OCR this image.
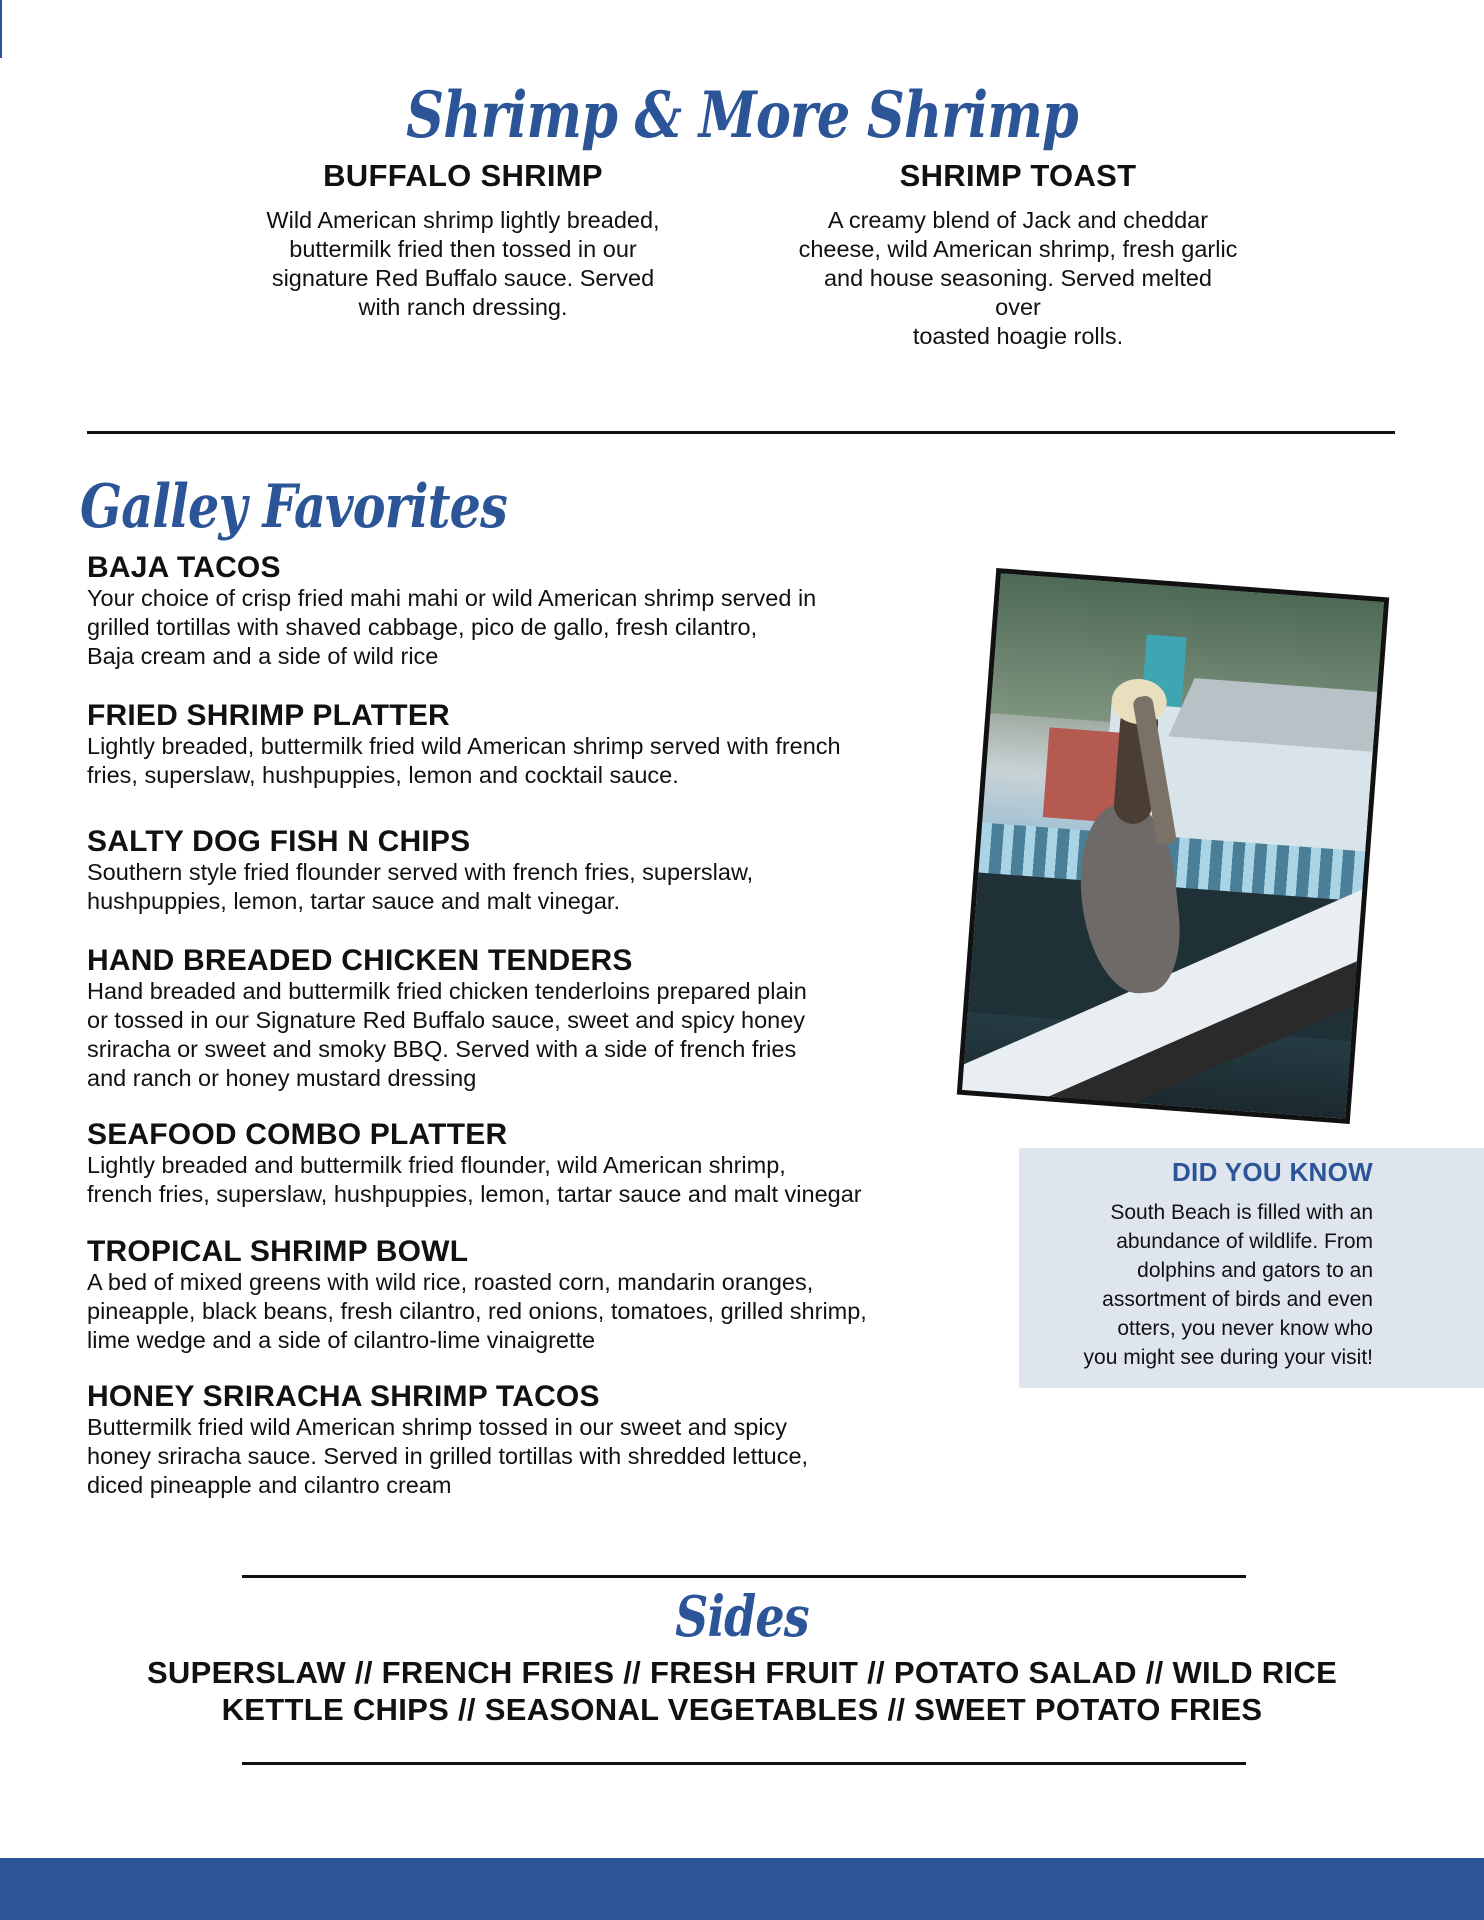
Shrimp & More Shrimp
BUFFALO SHRIMP

Wild American shrimp lightly breaded,
buttermilk fried then tossed in our
signature Red Buffalo sauce. Served
with ranch dressing.

SHRIMP TOAST

A creamy blend of Jack and cheddar
cheese, wild American shrimp, fresh garlic
and house seasoning. Served melted over
toasted hoagie rolls.

Galley Favorites
BAJA TACOS

Your choice of crisp fried mahi mahi or wild American shrimp served in
grilled tortillas with shaved cabbage, pico de gallo, fresh cilantro,
Baja cream and a side of wild rice

FRIED SHRIMP PLATTER

Lightly breaded, buttermilk fried wild American shrimp served with french
fries, superslaw, hushpuppies, lemon and cocktail sauce.

SALTY DOG FISH N CHIPS

Southern style fried flounder served with french fries, superslaw,
hushpuppies, lemon, tartar sauce and malt vinegar.

HAND BREADED CHICKEN TENDERS

Hand breaded and buttermilk fried chicken tenderloins prepared plain
or tossed in our Signature Red Buffalo sauce, sweet and spicy honey
sriracha or sweet and smoky BBQ. Served with a side of french fries
and ranch or honey mustard dressing

SEAFOOD COMBO PLATTER

Lightly breaded and buttermilk fried flounder, wild American shrimp,
french fries, superslaw, hushpuppies, lemon, tartar sauce and malt vinegar

TROPICAL SHRIMP BOWL

A bed of mixed greens with wild rice, roasted corn, mandarin oranges,
pineapple, black beans, fresh cilantro, red onions, tomatoes, grilled shrimp,
lime wedge and a side of cilantro-lime vinaigrette

HONEY SRIRACHA SHRIMP TACOS

Buttermilk fried wild American shrimp tossed in our sweet and spicy
honey sriracha sauce. Served in grilled tortillas with shredded lettuce,
diced pineapple and cilantro cream

DID YOU KNOW

South Beach is filled with an
abundance of wildlife. From
dolphins and gators to an
assortment of birds and even
otters, you never know who
you might see during your visit!

Sides
SUPERSLAW // FRENCH FRIES // FRESH FRUIT // POTATO SALAD // WILD RICE
KETTLE CHIPS // SEASONAL VEGETABLES // SWEET POTATO FRIES
